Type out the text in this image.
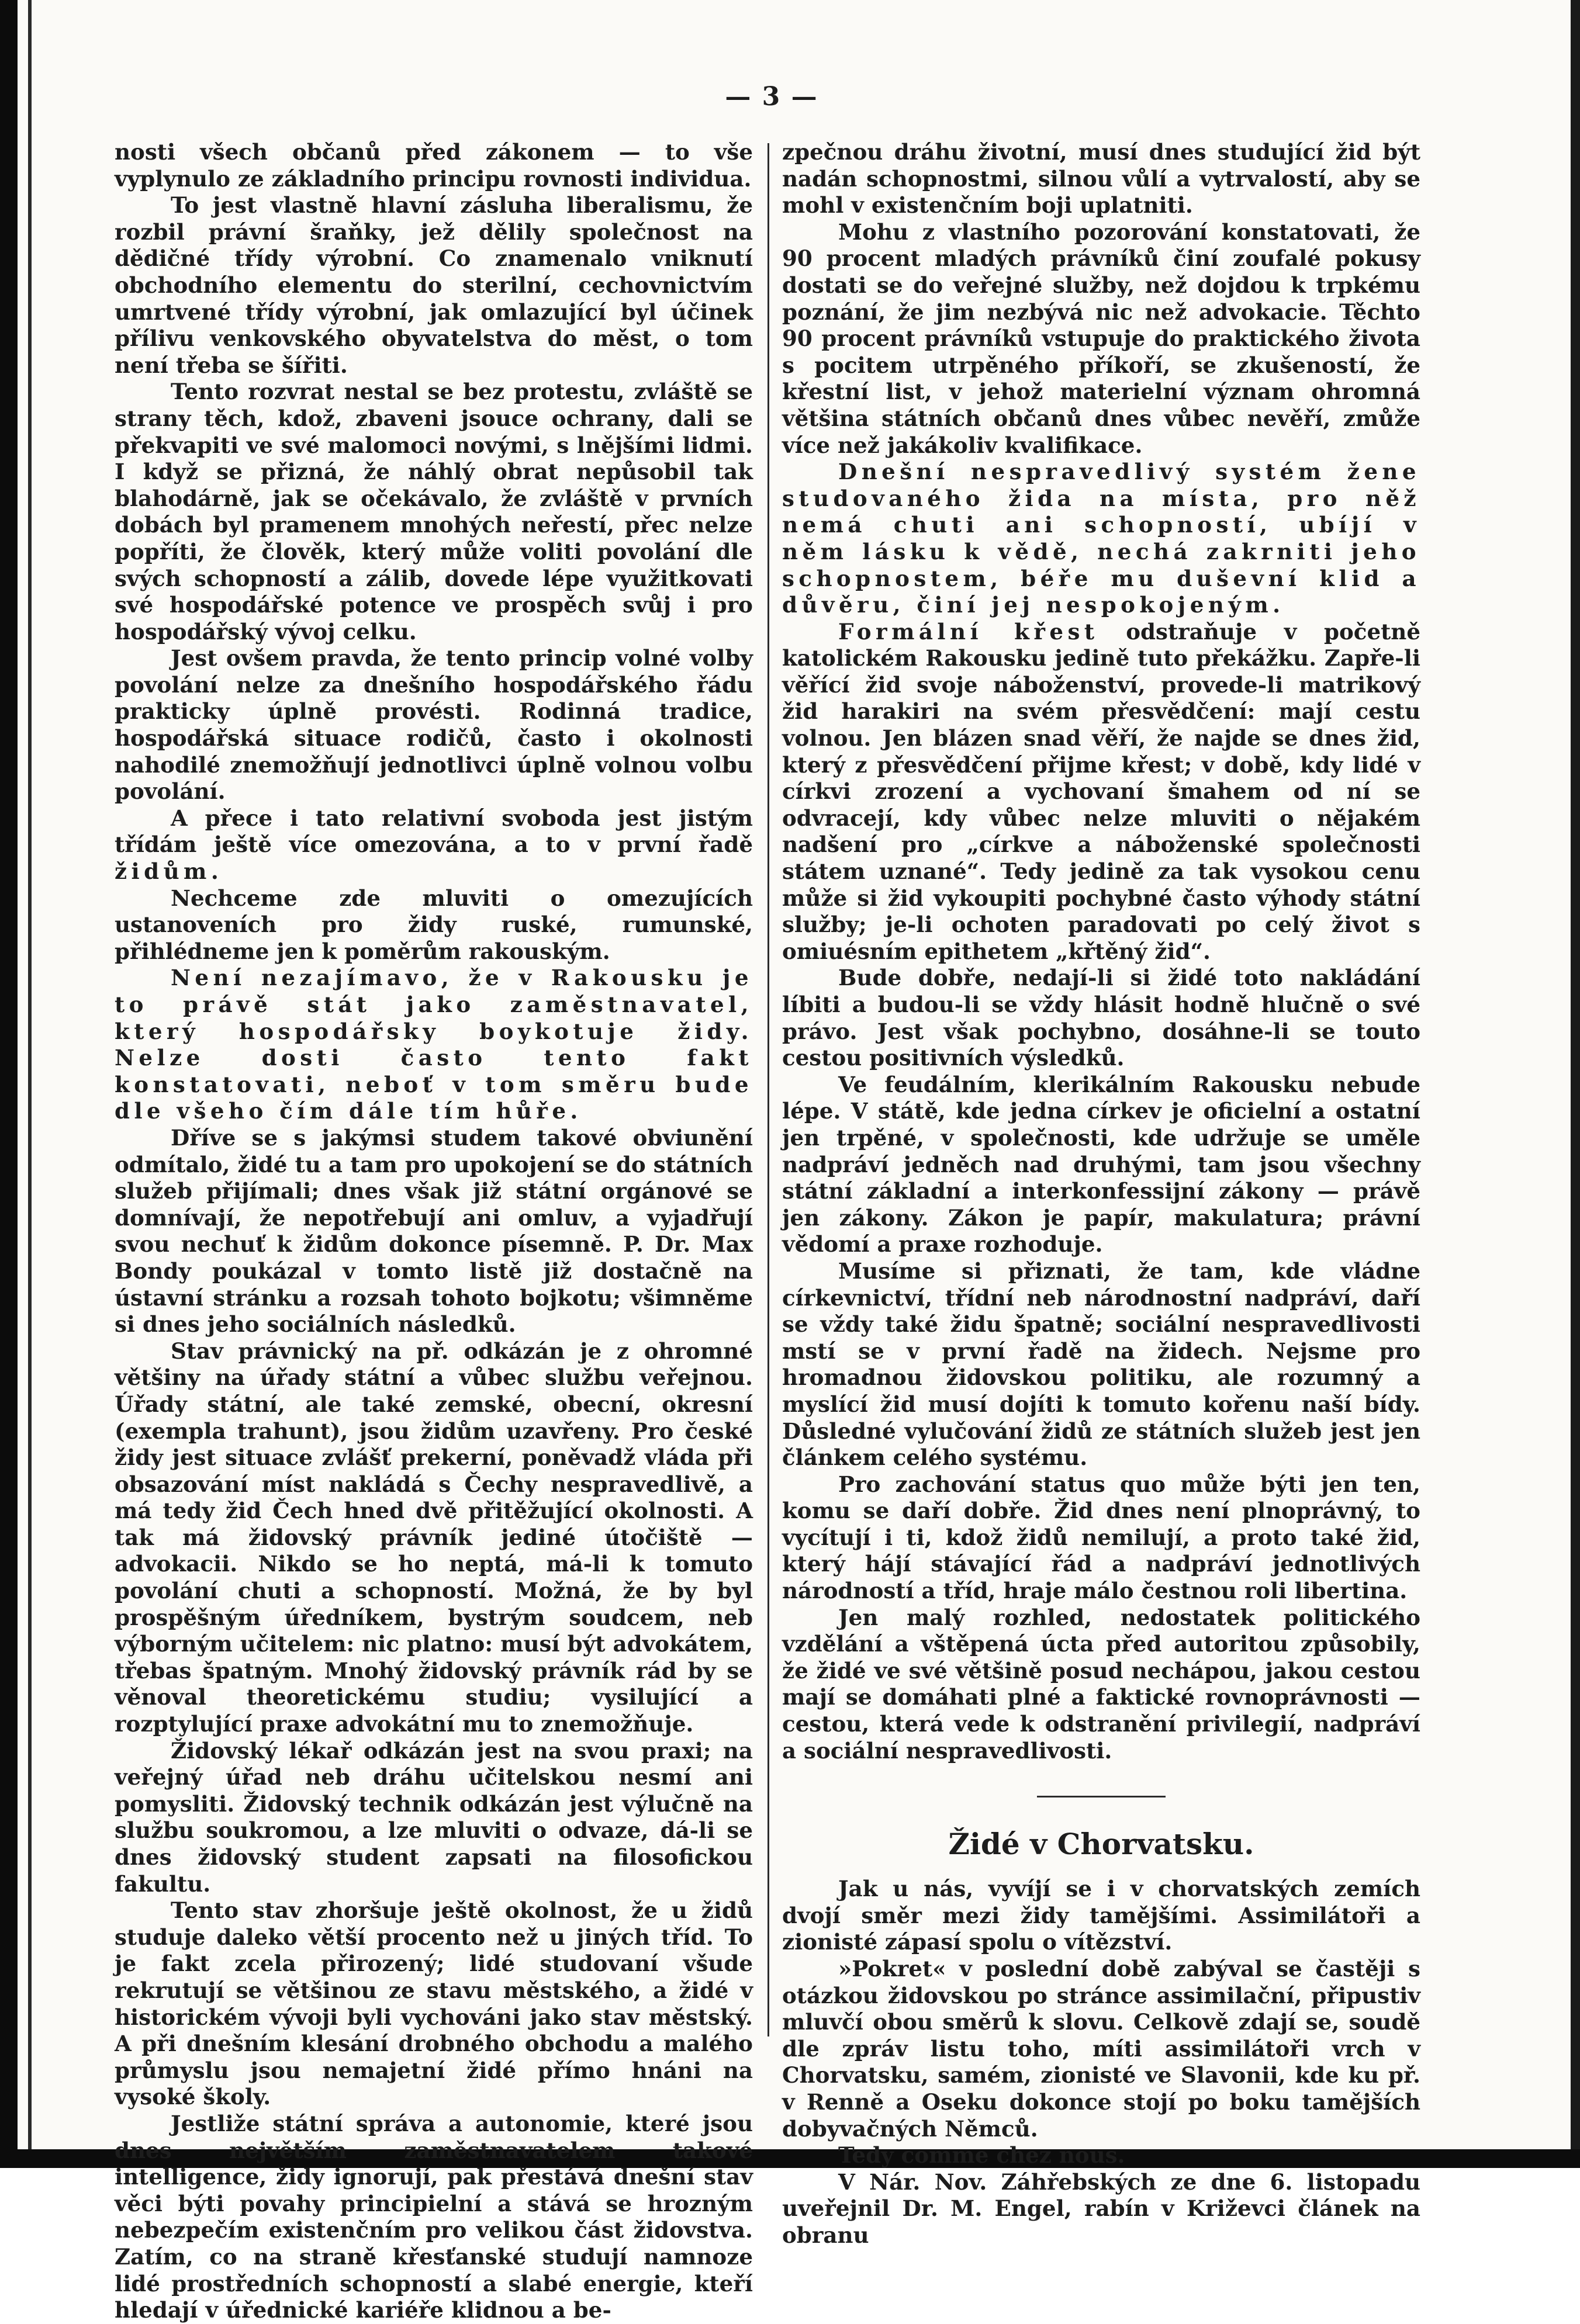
— 3 —

nosti všech občanů před zákonem — to vše vyplynulo ze základního principu rovnosti individua.

To jest vlastně hlavní zásluha liberalismu, že rozbil právní šraňky, jež dělily společnost na dědičné třídy výrobní. Co znamenalo vniknutí obchodního elementu do sterilní, cechovnictvím umrtvené třídy výrobní, jak omlazující byl účinek přílivu venkovského obyvatelstva do měst, o tom není třeba se šířiti.

Tento rozvrat nestal se bez protestu, zvláště se strany těch, kdož, zbaveni jsouce ochrany, dali se překvapiti ve své malomoci novými, s lnějšími lidmi. I když se přizná, že náhlý obrat nepůsobil tak blahodárně, jak se očekávalo, že zvláště v prvních dobách byl pramenem mnohých neřestí, přec nelze popříti, že člověk, který může voliti povolání dle svých schopností a zálib, dovede lépe využitkovati své hospodářské potence ve prospěch svůj i pro hospodářský vývoj celku.

Jest ovšem pravda, že tento princip volné volby povolání nelze za dnešního hospodářského řádu prakticky úplně provésti. Rodinná tradice, hospodářská situace rodičů, často i okolnosti nahodilé znemožňují jednotlivci úplně volnou volbu povolání.

A přece i tato relativní svoboda jest jistým třídám ještě více omezována, a to v první řadě židům.

Nechceme zde mluviti o omezujících ustanoveních pro židy ruské, rumunské, přihlédneme jen k poměrům rakouským.

Není nezajímavo, že v Rakousku je to právě stát jako zaměstnavatel, který hospodářsky boykotuje židy. Nelze dosti často tento fakt konstatovati, neboť v tom směru bude dle všeho čím dále tím hůře.

Dříve se s jakýmsi studem takové obviunění odmítalo, židé tu a tam pro upokojení se do státních služeb přijímali; dnes však již státní orgánové se domnívají, že nepotřebují ani omluv, a vyjadřují svou nechuť k židům dokonce písemně. P. Dr. Max Bondy poukázal v tomto listě již dostačně na ústavní stránku a rozsah tohoto bojkotu; všimněme si dnes jeho sociálních následků.

Stav právnický na př. odkázán je z ohromné většiny na úřady státní a vůbec službu veřejnou. Úřady státní, ale také zemské, obecní, okresní (exempla trahunt), jsou židům uzavřeny. Pro české židy jest situace zvlášť prekerní, poněvadž vláda při obsazování míst nakládá s Čechy nespravedlivě, a má tedy žid Čech hned dvě přitěžující okolnosti. A tak má židovský právník jediné útočiště — advokacii. Nikdo se ho neptá, má-li k tomuto povolání chuti a schopností. Možná, že by byl prospěšným úředníkem, bystrým soudcem, neb výborným učitelem: nic platno: musí být advokátem, třebas špatným. Mnohý židovský právník rád by se věnoval theoretickému studiu; vysilující a rozptylující praxe advokátní mu to znemožňuje.

Židovský lékař odkázán jest na svou praxi; na veřejný úřad neb dráhu učitelskou nesmí ani pomysliti. Židovský technik odkázán jest výlučně na službu soukromou, a lze mluviti o odvaze, dá-li se dnes židovský student zapsati na filosofickou fakultu.

Tento stav zhoršuje ještě okolnost, že u židů studuje daleko větší procento než u jiných tříd. To je fakt zcela přirozený; lidé studovaní všude rekrutují se většinou ze stavu městského, a židé v historickém vývoji byli vychováni jako stav městský. A při dnešním klesání drobného obchodu a malého průmyslu jsou nemajetní židé přímo hnáni na vysoké školy.

Jestliže státní správa a autonomie, které jsou dnes největším zaměstnavatelem takové intelligence, židy ignorují, pak přestává dnešní stav věci býti povahy principielní a stává se hrozným nebezpečím existenčním pro velikou část židovstva. Zatím, co na straně křesťanské studují namnoze lidé prostředních schopností a slabé energie, kteří hledají v úřednické kariéře klidnou a be-

zpečnou dráhu životní, musí dnes studující žid být nadán schopnostmi, silnou vůlí a vytrvalostí, aby se mohl v existenčním boji uplatniti.

Mohu z vlastního pozorování konstatovati, že 90 procent mladých právníků činí zoufalé pokusy dostati se do veřejné služby, než dojdou k trpkému poznání, že jim nezbývá nic než advokacie. Těchto 90 procent právníků vstupuje do praktického života s pocitem utrpěného příkoří, se zkušeností, že křestní list, v jehož materielní význam ohromná většina státních občanů dnes vůbec nevěří, zmůže více než jakákoliv kvalifikace.

Dnešní nespravedlivý systém žene studovaného žida na místa, pro něž nemá chuti ani schopností, ubíjí v něm lásku k vědě, nechá zakrniti jeho schopnostem, béře mu duševní klid a důvěru, činí jej nespokojeným.

Formální křest odstraňuje v početně katolickém Rakousku jedině tuto překážku. Zapře-li věřící žid svoje náboženství, provede-li matrikový žid harakiri na svém přesvědčení: mají cestu volnou. Jen blázen snad věří, že najde se dnes žid, který z přesvědčení přijme křest; v době, kdy lidé v církvi zrození a vychovaní šmahem od ní se odvracejí, kdy vůbec nelze mluviti o nějakém nadšení pro „církve a náboženské společnosti státem uznané“. Tedy jedině za tak vysokou cenu může si žid vykoupiti pochybné často výhody státní služby; je-li ochoten paradovati po celý život s omiuésním epithetem „křtěný žid“.

Bude dobře, nedají-li si židé toto nakládání líbiti a budou-li se vždy hlásit hodně hlučně o své právo. Jest však pochybno, dosáhne-li se touto cestou positivních výsledků.

Ve feudálním, klerikálním Rakousku nebude lépe. V státě, kde jedna církev je oficielní a ostatní jen trpěné, v společnosti, kde udržuje se uměle nadpráví jedněch nad druhými, tam jsou všechny státní základní a interkonfessijní zákony — právě jen zákony. Zákon je papír, makulatura; právní vědomí a praxe rozhoduje.

Musíme si přiznati, že tam, kde vládne církevnictví, třídní neb národnostní nadpráví, daří se vždy také židu špatně; sociální nespravedlivosti mstí se v první řadě na židech. Nejsme pro hromadnou židovskou politiku, ale rozumný a myslící žid musí dojíti k tomuto kořenu naší bídy. Důsledné vylučování židů ze státních služeb jest jen článkem celého systému.

Pro zachování status quo může býti jen ten, komu se daří dobře. Žid dnes není plnoprávný, to vycítují i ti, kdož židů nemilují, a proto také žid, který hájí stávající řád a nadpráví jednotlivých národností a tříd, hraje málo čestnou roli libertina.

Jen malý rozhled, nedostatek politického vzdělání a vštěpená úcta před autoritou způsobily, že židé ve své většině posud nechápou, jakou cestou mají se domáhati plné a faktické rovnoprávnosti — cestou, která vede k odstranění privilegií, nadpráví a sociální nespravedlivosti.

Židé v Chorvatsku.

Jak u nás, vyvíjí se i v chorvatských zemích dvojí směr mezi židy tamějšími. Assimilátoři a zionisté zápasí spolu o vítězství.

»Pokret« v poslední době zabýval se častěji s otázkou židovskou po stránce assimilační, připustiv mluvčí obou směrů k slovu. Celkově zdají se, soudě dle zpráv listu toho, míti assimilátoři vrch v Chorvatsku, samém, zionisté ve Slavonii, kde ku př. v Renně a Oseku dokonce stojí po boku tamějších dobyvačných Němců.

Tedy comme chez nous.

V Nár. Nov. Záhřebských ze dne 6. listopadu uveřejnil Dr. M. Engel, rabín v Križevci článek na obranu
